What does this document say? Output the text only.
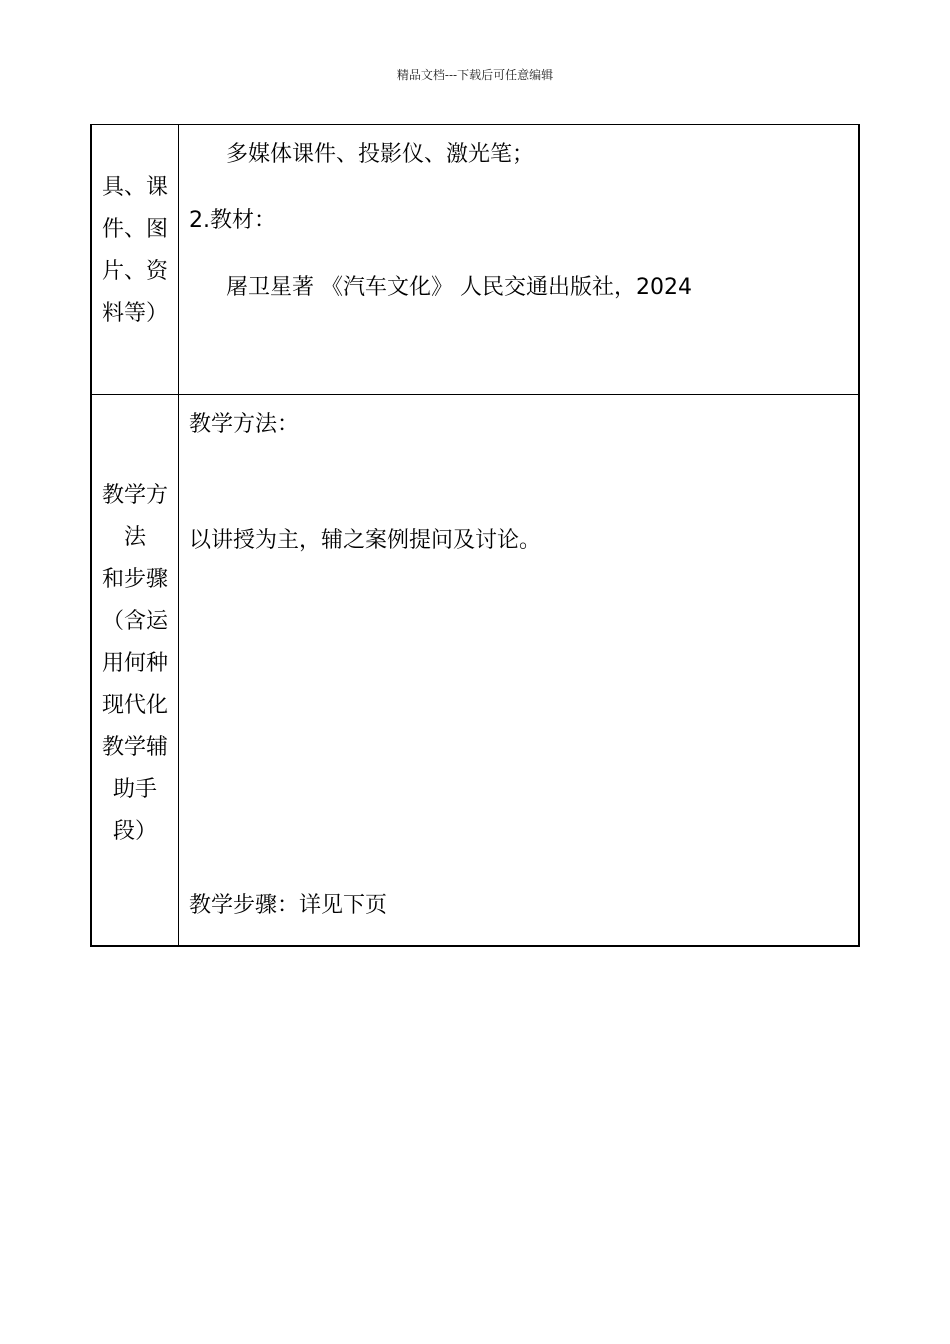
精品文档---下载后可任意编辑
具、课
件、图
片、资
料等）
多媒体课件、投影仪、激光笔；
2.教材：
屠卫星著 《汽车文化》 人民交通出版社，2024
教学方
法
和步骤
（含运
用何种
现代化
教学辅
助手
段）
教学方法：
以讲授为主，辅之案例提问及讨论。
教学步骤：详见下页
